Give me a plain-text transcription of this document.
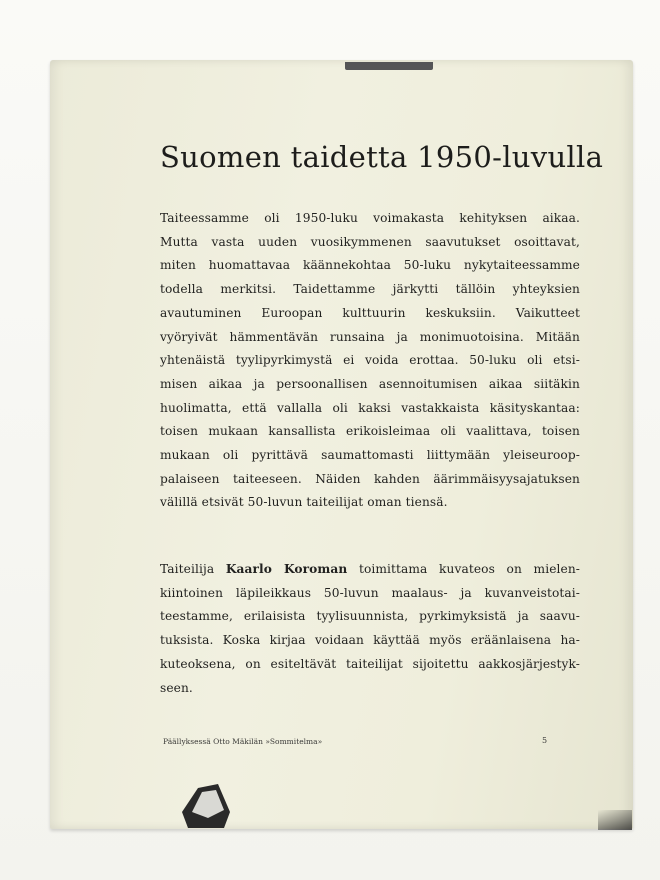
Suomen taidetta 1950-luvulla
Taiteessamme oli 1950-luku voimakasta kehityksen aikaa.
Mutta vasta uuden vuosikymmenen saavutukset osoittavat,
miten huomattavaa käännekohtaa 50-luku nykytaiteessamme
todella merkitsi. Taidettamme järkytti tällöin yhteyksien
avautuminen Euroopan kulttuurin keskuksiin. Vaikutteet
vyöryivät hämmentävän runsaina ja monimuotoisina. Mitään
yhtenäistä tyylipyrkimystä ei voida erottaa. 50-luku oli etsi-
misen aikaa ja persoonallisen asennoitumisen aikaa siitäkin
huolimatta, että vallalla oli kaksi vastakkaista käsityskantaa:
toisen mukaan kansallista erikoisleimaa oli vaalittava, toisen
mukaan oli pyrittävä saumattomasti liittymään yleiseuroop-
palaiseen taiteeseen. Näiden kahden äärimmäisyysajatuksen
välillä etsivät 50-luvun taiteilijat oman tiensä.
Taiteilija Kaarlo Koroman toimittama kuvateos on mielen-
kiintoinen läpileikkaus 50-luvun maalaus- ja kuvanveistotai-
teestamme, erilaisista tyylisuunnista, pyrkimyksistä ja saavu-
tuksista. Koska kirjaa voidaan käyttää myös eräänlaisena ha-
kuteoksena, on esiteltävät taiteilijat sijoitettu aakkosjärjestyk-
seen.
Päällyksessä Otto Mäkilän »Sommitelma»	5
